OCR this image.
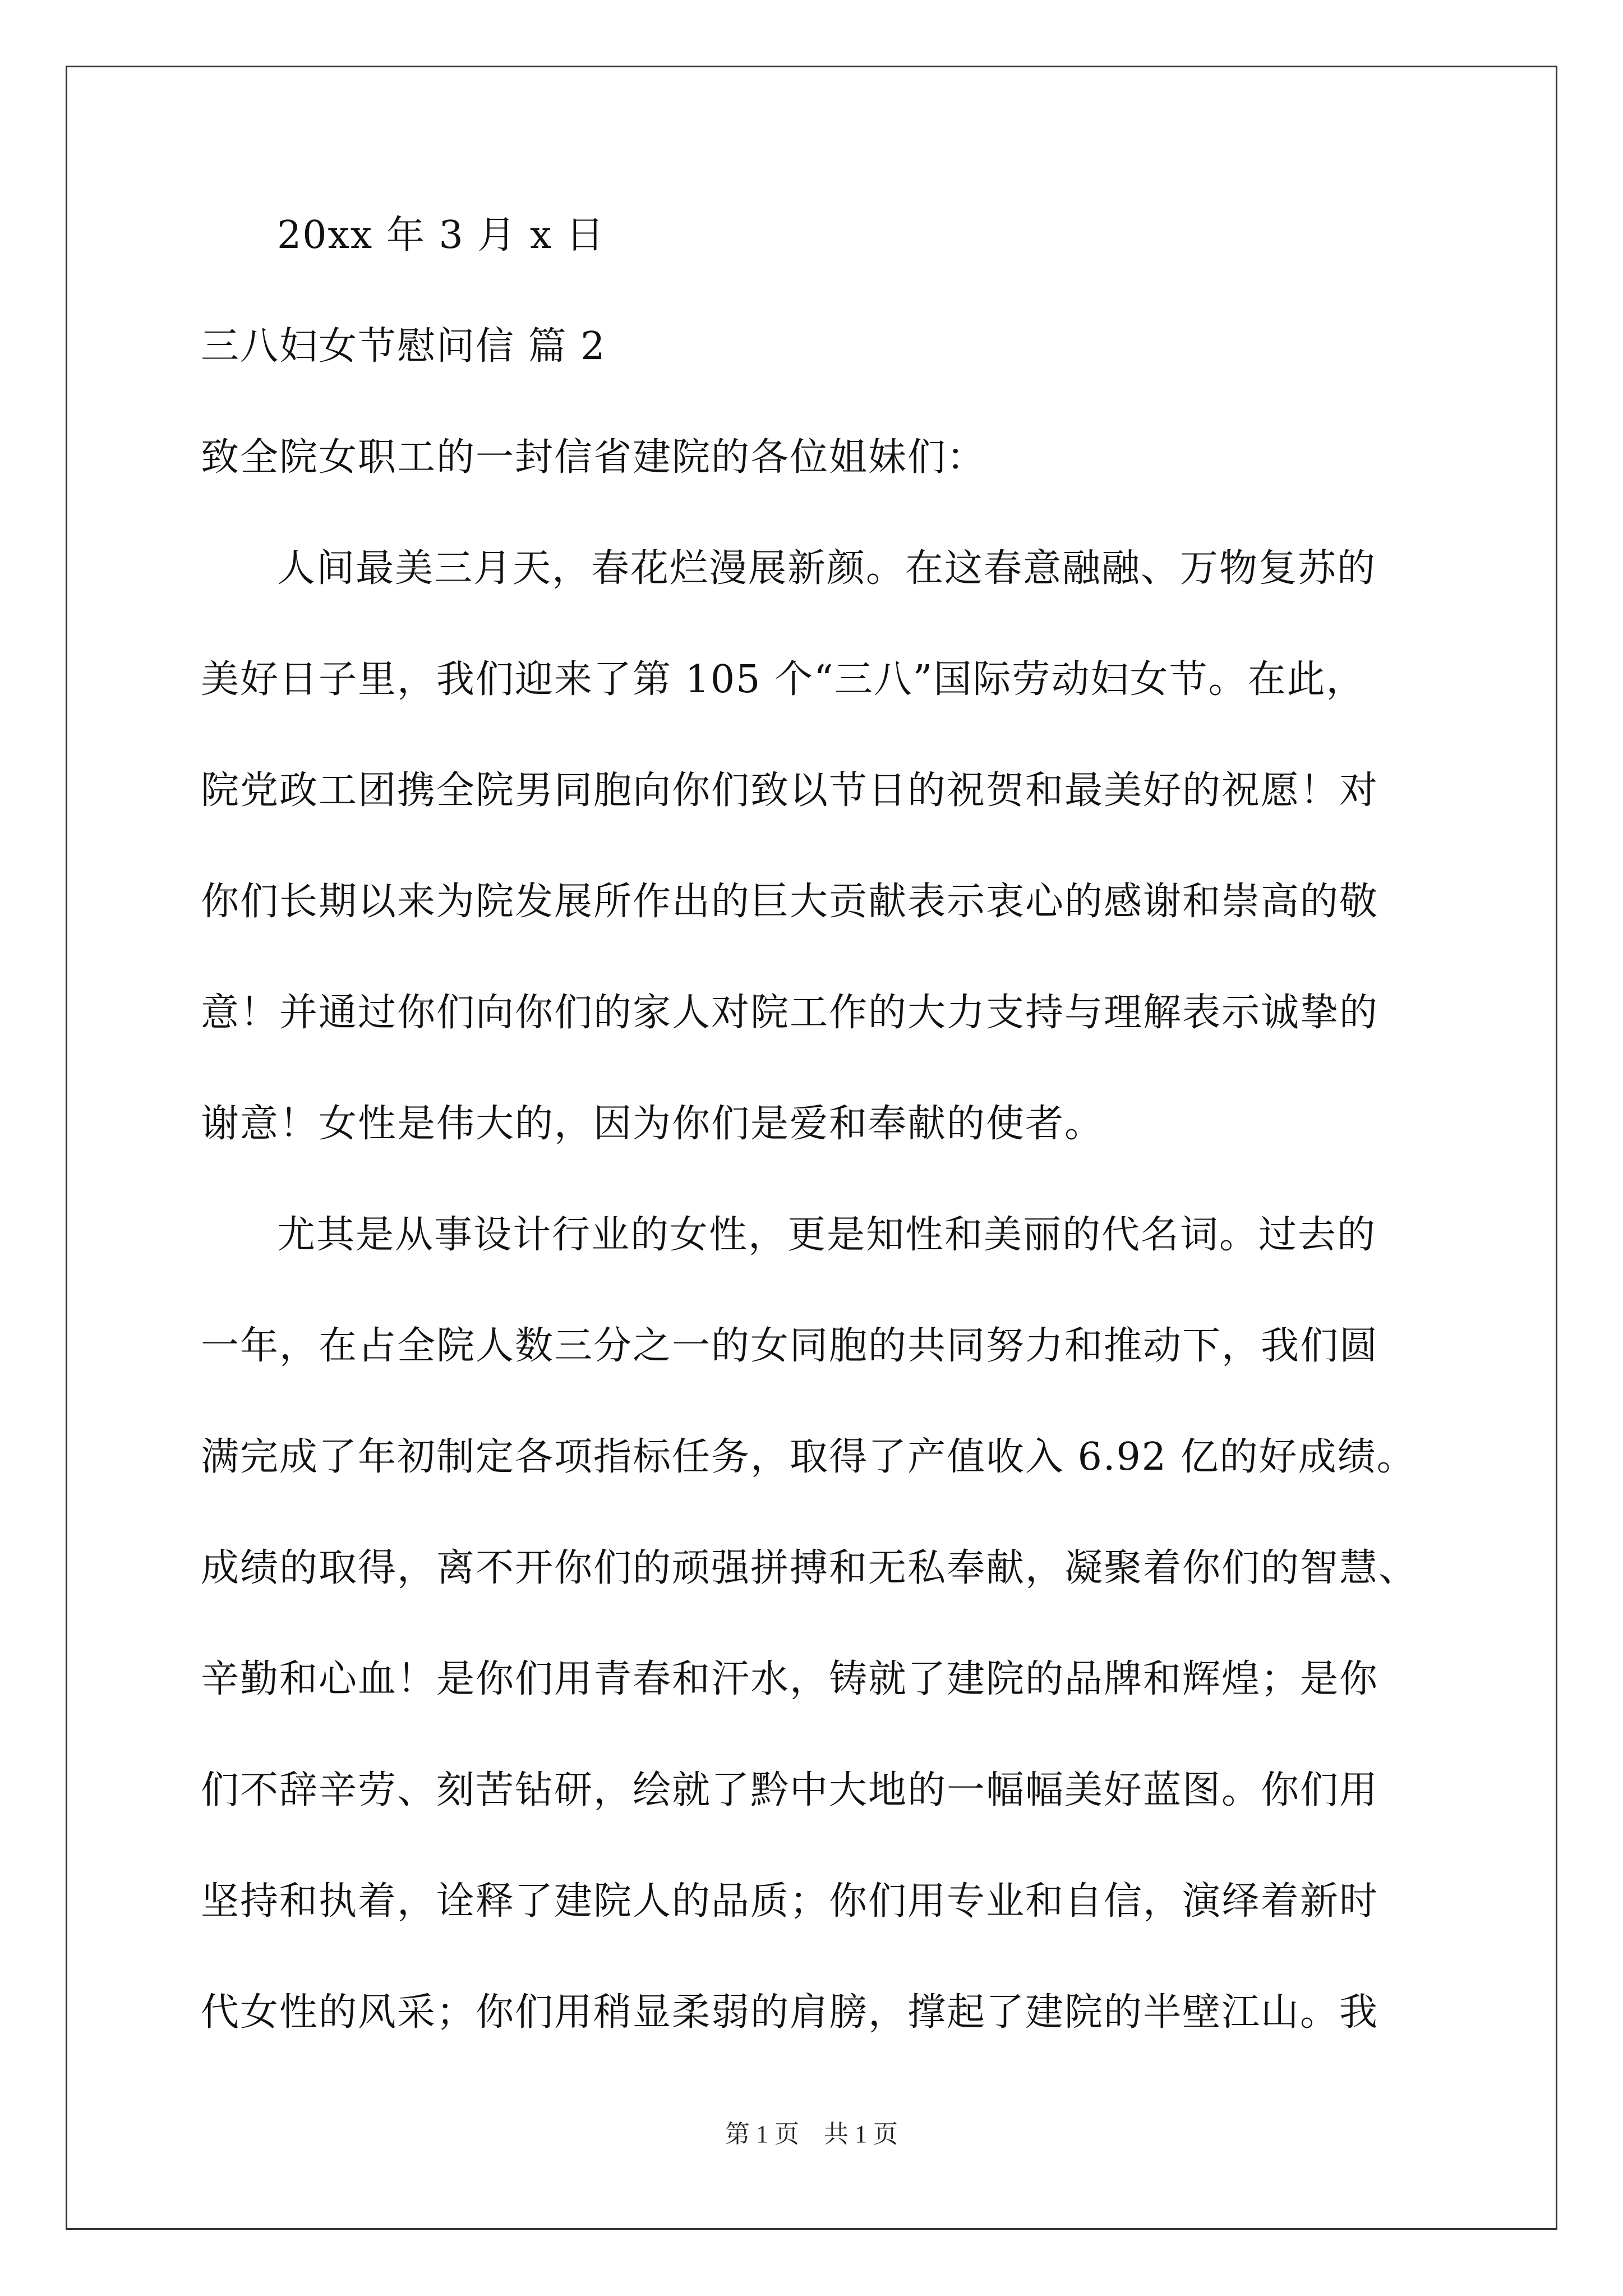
20xx 年 3 月 x 日
三八妇女节慰问信 篇 2
致全院女职工的一封信省建院的各位姐妹们：
人间最美三月天，春花烂漫展新颜。在这春意融融、万物复苏的
美好日子里，我们迎来了第 105 个“三八”国际劳动妇女节。在此，
院党政工团携全院男同胞向你们致以节日的祝贺和最美好的祝愿！对
你们长期以来为院发展所作出的巨大贡献表示衷心的感谢和崇高的敬
意！并通过你们向你们的家人对院工作的大力支持与理解表示诚挚的
谢意！女性是伟大的，因为你们是爱和奉献的使者。
尤其是从事设计行业的女性，更是知性和美丽的代名词。过去的
一年，在占全院人数三分之一的女同胞的共同努力和推动下，我们圆
满完成了年初制定各项指标任务，取得了产值收入 6.92 亿的好成绩。
成绩的取得，离不开你们的顽强拼搏和无私奉献，凝聚着你们的智慧、
辛勤和心血！是你们用青春和汗水，铸就了建院的品牌和辉煌；是你
们不辞辛劳、刻苦钻研，绘就了黔中大地的一幅幅美好蓝图。你们用
坚持和执着，诠释了建院人的品质；你们用专业和自信，演绎着新时
代女性的风采；你们用稍显柔弱的肩膀，撑起了建院的半壁江山。我
第 1 页　共 1 页
